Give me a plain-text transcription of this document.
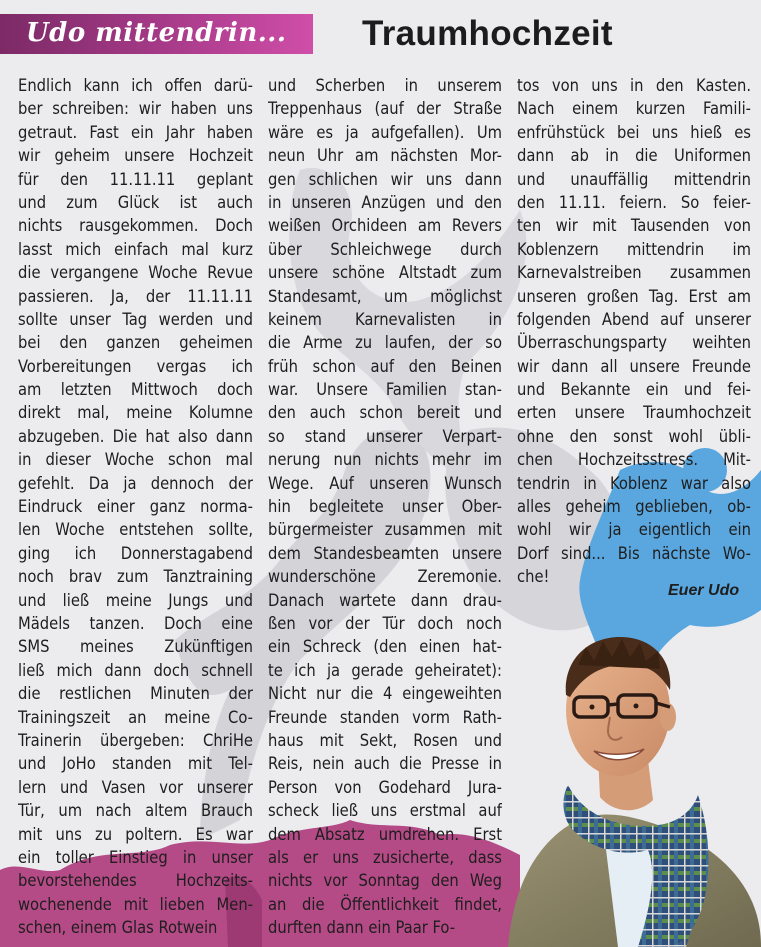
Udo mittendrin... Traumhochzeit
Endlich kann ich offen darü-
ber schreiben: wir haben uns
getraut. Fast ein Jahr haben
wir geheim unsere Hochzeit
für den 11.11.11 geplant
und zum Glück ist auch
nichts rausgekommen. Doch
lasst mich einfach mal kurz
die vergangene Woche Revue
passieren. Ja, der 11.11.11
sollte unser Tag werden und
bei den ganzen geheimen
Vorbereitungen vergas ich
am letzten Mittwoch doch
direkt mal, meine Kolumne
abzugeben. Die hat also dann
in dieser Woche schon mal
gefehlt. Da ja dennoch der
Eindruck einer ganz norma-
len Woche entstehen sollte,
ging ich Donnerstagabend
noch brav zum Tanztraining
und ließ meine Jungs und
Mädels tanzen. Doch eine
SMS meines Zukünftigen
ließ mich dann doch schnell
die restlichen Minuten der
Trainingszeit an meine Co-
Trainerin übergeben: ChriHe
und JoHo standen mit Tel-
lern und Vasen vor unserer
Tür, um nach altem Brauch
mit uns zu poltern. Es war
ein toller Einstieg in unser
bevorstehendes Hochzeits-
wochenende mit lieben Men-
schen, einem Glas Rotwein
und Scherben in unserem
Treppenhaus (auf der Straße
wäre es ja aufgefallen). Um
neun Uhr am nächsten Mor-
gen schlichen wir uns dann
in unseren Anzügen und den
weißen Orchideen am Revers
über Schleichwege durch
unsere schöne Altstadt zum
Standesamt, um möglichst
keinem Karnevalisten in
die Arme zu laufen, der so
früh schon auf den Beinen
war. Unsere Familien stan-
den auch schon bereit und
so stand unserer Verpart-
nerung nun nichts mehr im
Wege. Auf unseren Wunsch
hin begleitete unser Ober-
bürgermeister zusammen mit
dem Standesbeamten unsere
wunderschöne Zeremonie.
Danach wartete dann drau-
ßen vor der Tür doch noch
ein Schreck (den einen hat-
te ich ja gerade geheiratet):
Nicht nur die 4 eingeweihten
Freunde standen vorm Rath-
haus mit Sekt, Rosen und
Reis, nein auch die Presse in
Person von Godehard Jura-
scheck ließ uns erstmal auf
dem Absatz umdrehen. Erst
als er uns zusicherte, dass
nichts vor Sonntag den Weg
an die Öffentlichkeit findet,
durften dann ein Paar Fo-
tos von uns in den Kasten.
Nach einem kurzen Famili-
enfrühstück bei uns hieß es
dann ab in die Uniformen
und unauffällig mittendrin
den 11.11. feiern. So feier-
ten wir mit Tausenden von
Koblenzern mittendrin im
Karnevalstreiben zusammen
unseren großen Tag. Erst am
folgenden Abend auf unserer
Überraschungsparty weihten
wir dann all unsere Freunde
und Bekannte ein und fei-
erten unsere Traumhochzeit
ohne den sonst wohl übli-
chen Hochzeitsstress. Mit-
tendrin in Koblenz war also
alles geheim geblieben, ob-
wohl wir ja eigentlich ein
Dorf sind... Bis nächste Wo-
che!
Euer Udo
